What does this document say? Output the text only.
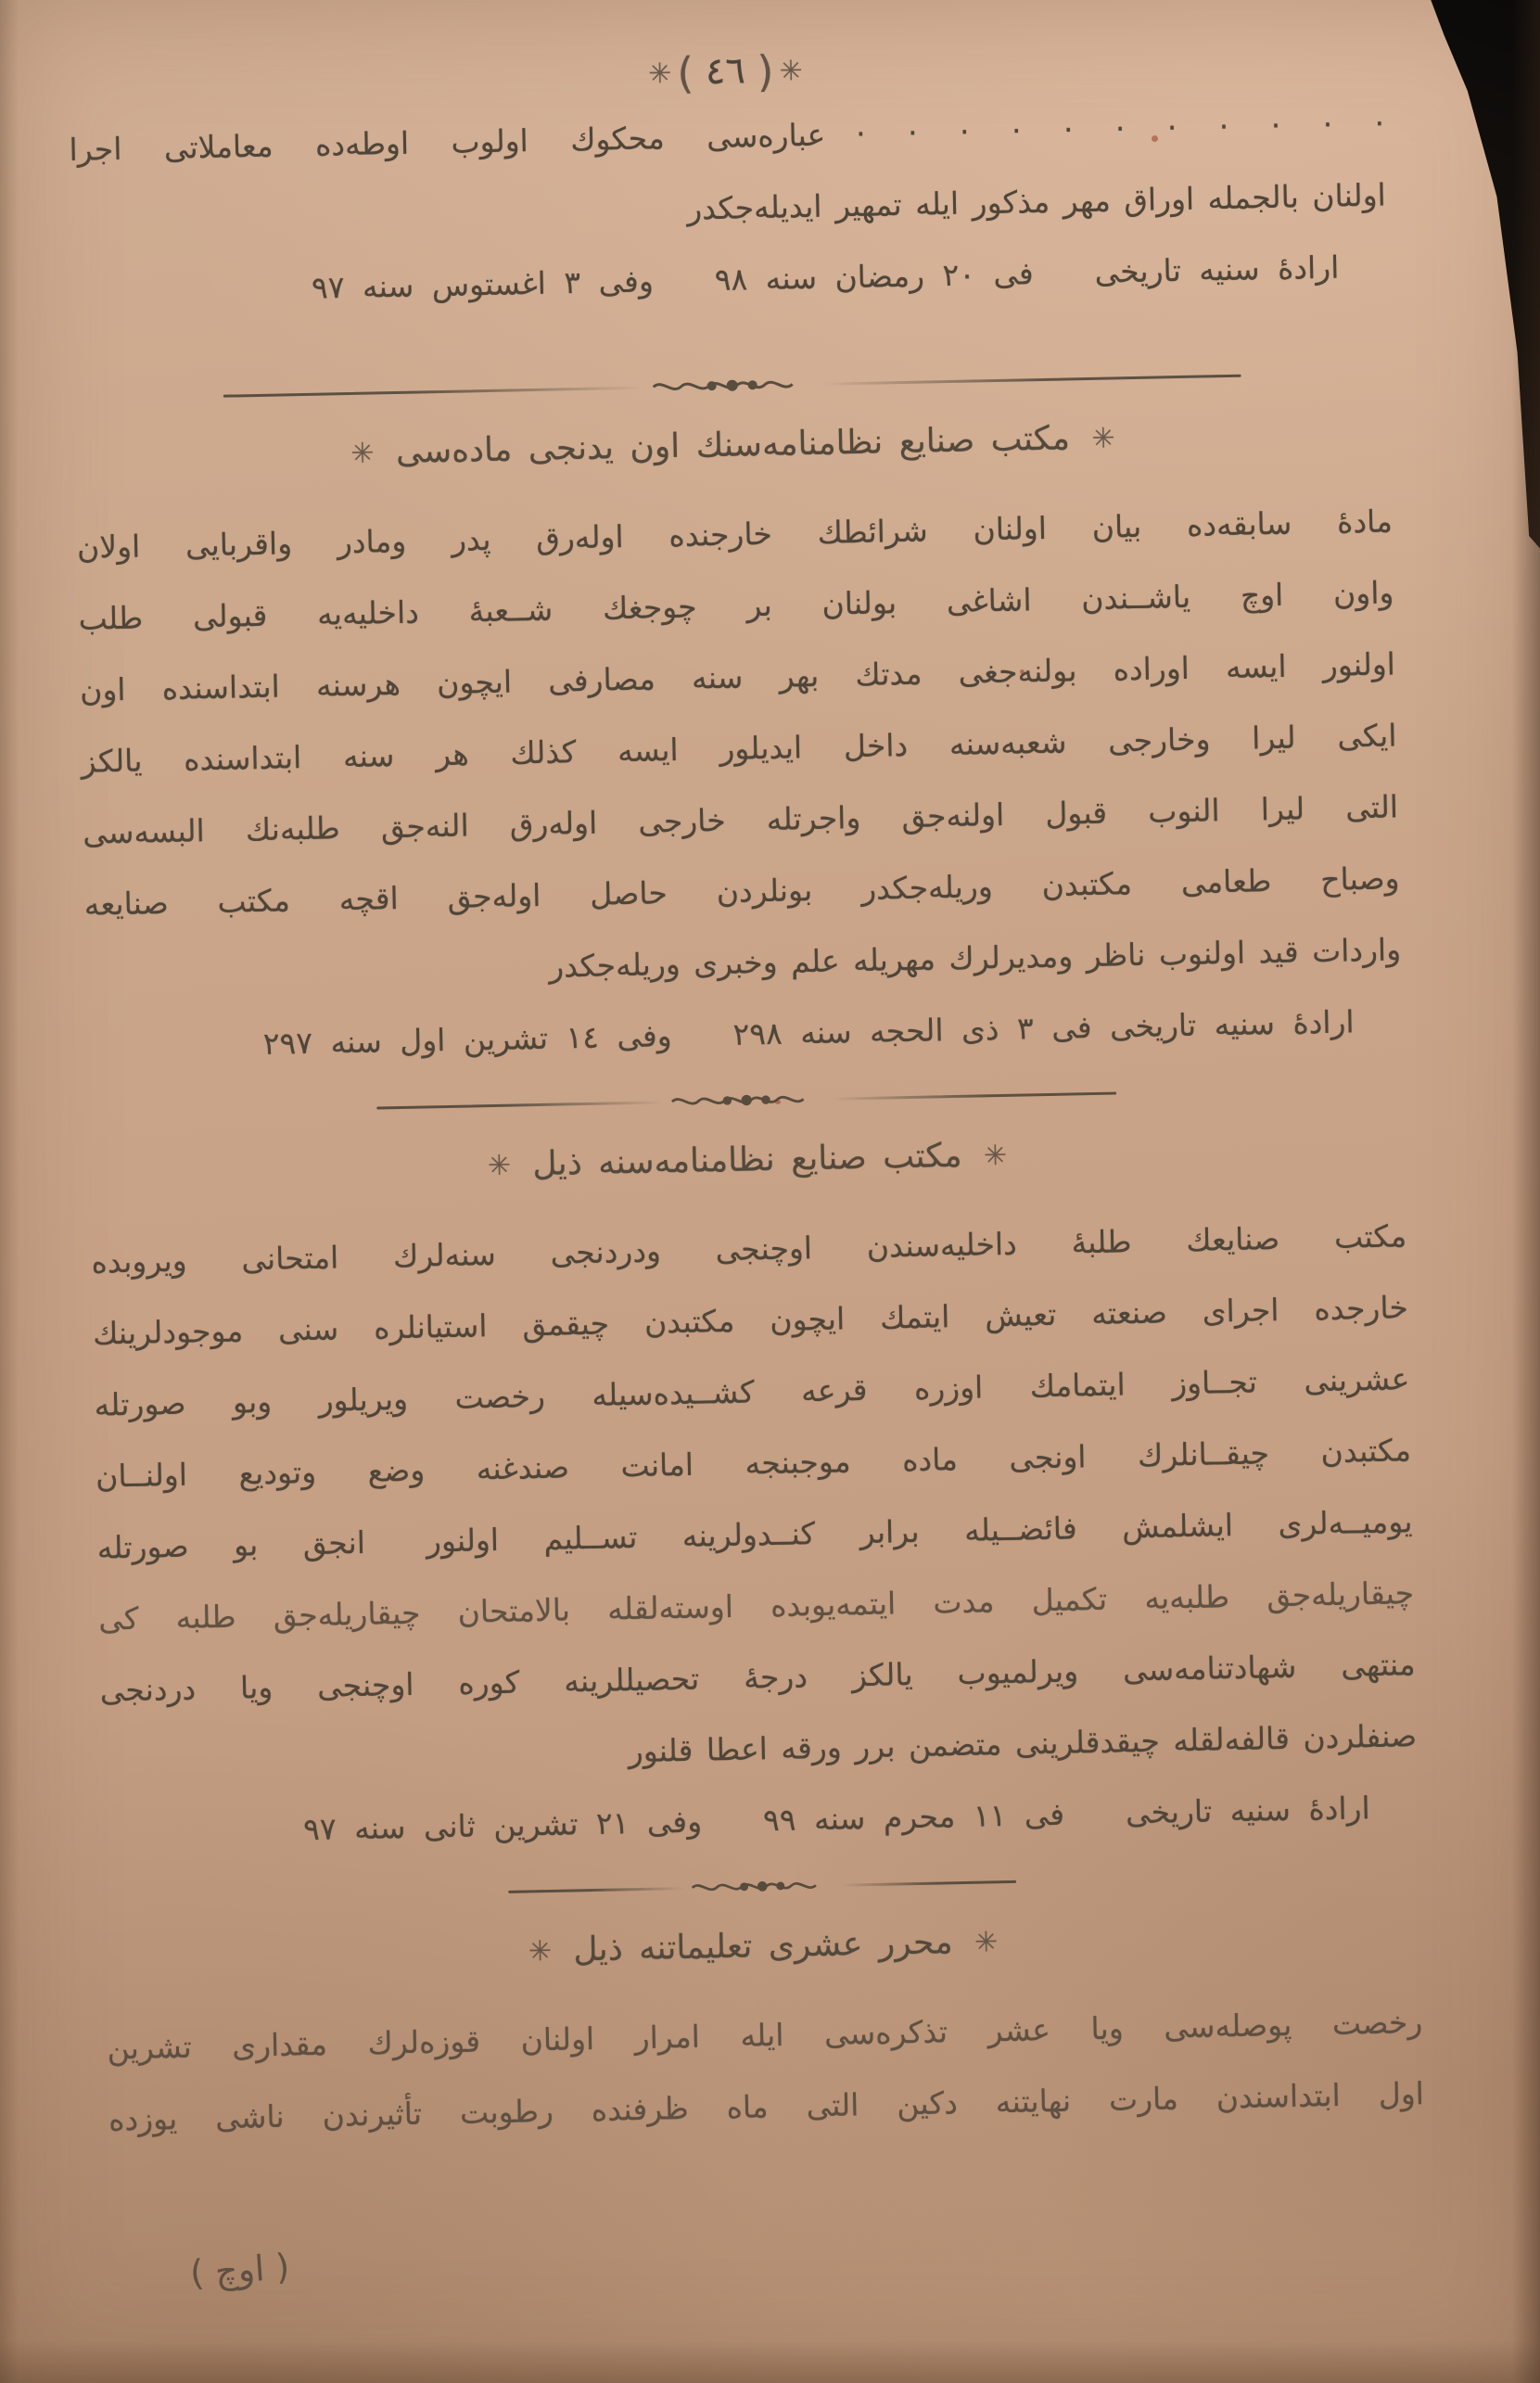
✳ ( ٤٦ ) ✳
· · · · · · · · · · · عبارەسی محکوك اولوب اوطه‌ده معاملاتی اجرا
اولنان بالجمله اوراق مهر مذکور ایله تمهیر ایدیله‌جکدر
ارادهٔ سنیه تاریخی  فی ٢٠ رمضان سنه ٩٨  وفی ٣ اغستوس سنه ٩٧
✳ مکتب صنایع نظامنامه‌سنك اون یدنجی ماده‌سی ✳
مادهٔ سابقه‌ده بیان اولنان شرائطك خارجنده اوله‌رق پدر ومادر واقربایی اولان
واون اوچ یاشــندن اشاغی بولنان بر چوجغك شــعبهٔ داخلیه‌یه قبولی طلب
اولنور ایسه اوراده بولنه‌جغی مدتك بهر سنه مصارفی ایچون هرسنه ابتداسنده اون
ایکی لیرا وخارجی شعبه‌سنه داخل ایدیلور ایسه کذلك هر سنه ابتداسنده یالکز
التی لیرا النوب قبول اولنه‌جق واجرتله خارجی اوله‌رق النه‌جق طلبه‌نك البسه‌سی
وصباح طعامی مکتبدن وریله‌جکدر بونلردن حاصل اوله‌جق اقچه مکتب صنایعه
واردات قید اولنوب ناظر ومدیرلرك مهریله علم وخبری وریله‌جکدر
ارادهٔ سنیه تاریخی فی ٣ ذی الحجه سنه ٢٩٨  وفی ١٤ تشرین اول سنه ٢٩٧
✳ مکتب صنایع نظامنامه‌سنه ذیل ✳
مکتب صنایعك طلبهٔ داخلیه‌سندن اوچنجی ودردنجی سنه‌لرك امتحانی ویروبده
خارجده اجرای صنعته تعیش ایتمك ایچون مکتبدن چیقمق استیانلره سنی موجودلرینك
عشرینی تجــاوز ایتمامك اوزره قرعه کشــیده‌سیله رخصت ویریلور وبو صورتله
مکتبدن چیقــانلرك اونجی ماده موجبنجه امانت صندغنه وضع وتودیع اولنــان
یومیــه‌لری ایشلمش فائضــیله برابر کنــدولرینه تســلیم اولنور  انجق بو صورتله
چیقاریله‌جق طلبه‌یه تکمیل مدت ایتمه‌یوبده اوسته‌لقله بالامتحان چیقاریله‌جق طلبه کی
منتهی شهادتنامه‌سی ویرلمیوب یالکز درجهٔ تحصیللرینه کوره اوچنجی ویا دردنجی
صنفلردن قالفه‌لقله چیقدقلرینی متضمن برر ورقه اعطا قلنور
ارادهٔ سنیه تاریخی  فی ١١ محرم سنه ٩٩  وفی ٢١ تشرین ثانی سنه ٩٧
✳ محرر عشری تعلیماتنه ذیل ✳
رخصت پوصله‌سی ویا عشر تذکره‌سی ایله امرار اولنان قوزه‌لرك مقداری تشرین
اول ابتداسندن مارت نهایتنه دکین التی ماه ظرفنده رطوبت تأثیرندن ناشی یوزده
( اوچ )
